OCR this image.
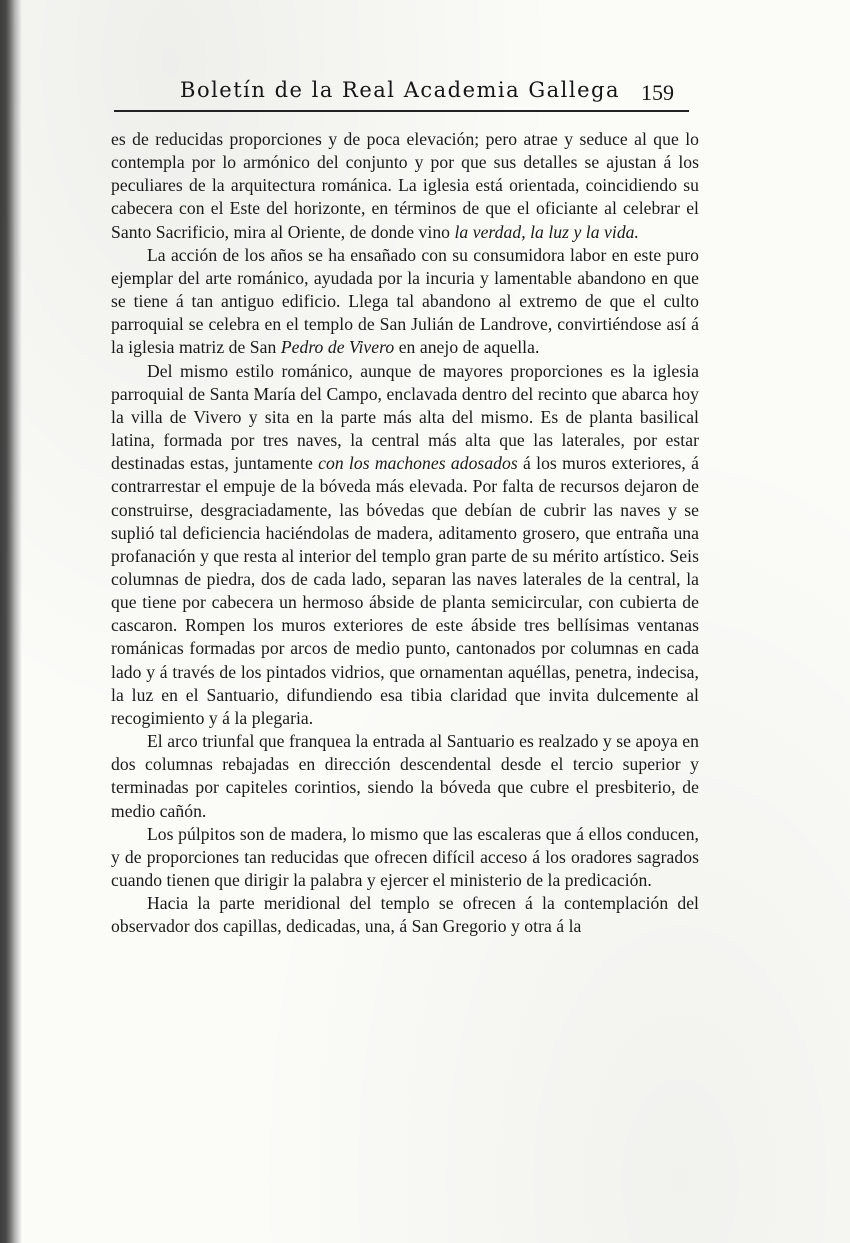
Boletín de la Real Academia Gallega 159

es de reducidas proporciones y de poca elevación; pero atrae y seduce al que lo contempla por lo armónico del conjunto y por que sus detalles se ajustan á los peculiares de la arquitectura románica. La iglesia está orientada, coincidiendo su cabecera con el Este del horizonte, en términos de que el oficiante al celebrar el Santo Sacrificio, mira al Oriente, de donde vino la verdad, la luz y la vida.

La acción de los años se ha ensañado con su consumidora labor en este puro ejemplar del arte románico, ayudada por la incuria y lamentable abandono en que se tiene á tan antiguo edificio. Llega tal abandono al extremo de que el culto parroquial se celebra en el templo de San Julián de Landrove, convirtiéndose así á la iglesia matriz de San Pedro de Vivero en anejo de aquella.

Del mismo estilo románico, aunque de mayores proporciones es la iglesia parroquial de Santa María del Campo, enclavada dentro del recinto que abarca hoy la villa de Vivero y sita en la parte más alta del mismo. Es de planta basilical latina, formada por tres naves, la central más alta que las laterales, por estar destinadas estas, juntamente con los machones adosados á los muros exteriores, á contrarrestar el empuje de la bóveda más elevada. Por falta de recursos dejaron de construirse, desgraciadamente, las bóvedas que debían de cubrir las naves y se suplió tal deficiencia haciéndolas de madera, aditamento grosero, que entraña una profanación y que resta al interior del templo gran parte de su mérito artístico. Seis columnas de piedra, dos de cada lado, separan las naves laterales de la central, la que tiene por cabecera un hermoso ábside de planta semicircular, con cubierta de cascaron. Rompen los muros exteriores de este ábside tres bellísimas ventanas románicas formadas por arcos de medio punto, cantonados por columnas en cada lado y á través de los pintados vidrios, que ornamentan aquéllas, penetra, indecisa, la luz en el Santuario, difundiendo esa tibia claridad que invita dulcemente al recogimiento y á la plegaria.

El arco triunfal que franquea la entrada al Santuario es realzado y se apoya en dos columnas rebajadas en dirección descendental desde el tercio superior y terminadas por capiteles corintios, siendo la bóveda que cubre el presbiterio, de medio cañón.

Los púlpitos son de madera, lo mismo que las escaleras que á ellos conducen, y de proporciones tan reducidas que ofrecen difícil acceso á los oradores sagrados cuando tienen que dirigir la palabra y ejercer el ministerio de la predicación.

Hacia la parte meridional del templo se ofrecen á la contemplación del observador dos capillas, dedicadas, una, á San Gregorio y otra á la
